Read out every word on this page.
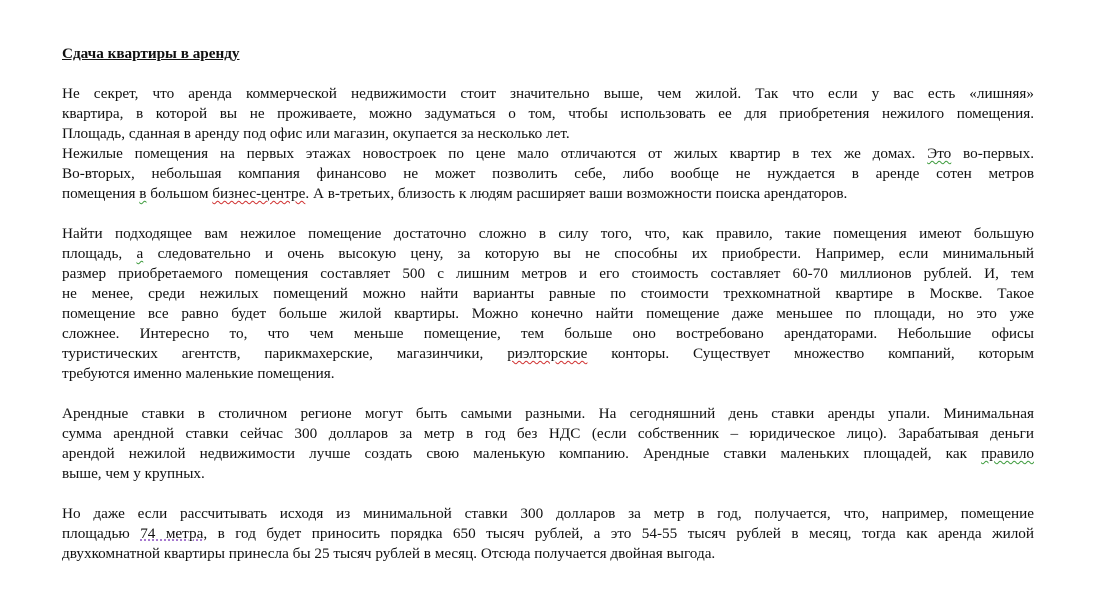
Сдача квартиры в аренду

Не секрет, что аренда коммерческой недвижимости стоит значительно выше, чем жилой. Так что если у вас есть «лишняя»
квартира, в которой вы не проживаете, можно задуматься о том, чтобы использовать ее для приобретения нежилого помещения.
Площадь, сданная в аренду под офис или магазин, окупается за несколько лет.

Нежилые помещения на первых этажах новостроек по цене мало отличаются от жилых квартир в тех же домах. Это во-первых.
Во-вторых, небольшая компания финансово не может позволить себе, либо вообще не нуждается в аренде сотен метров
помещения в большом бизнес-центре. А в-третьих, близость к людям расширяет ваши возможности поиска арендаторов.

Найти подходящее вам нежилое помещение достаточно сложно в силу того, что, как правило, такие помещения имеют большую
площадь, а следовательно и очень высокую цену, за которую вы не способны их приобрести. Например, если минимальный
размер приобретаемого помещения составляет 500 с лишним метров и его стоимость составляет 60-70 миллионов рублей. И, тем
не менее, среди нежилых помещений можно найти варианты равные по стоимости трехкомнатной квартире в Москве. Такое
помещение все равно будет больше жилой квартиры. Можно конечно найти помещение даже меньшее по площади, но это уже
сложнее. Интересно то, что чем меньше помещение, тем больше оно востребовано арендаторами. Небольшие офисы
туристических агентств, парикмахерские, магазинчики, риэлторские конторы. Существует множество компаний, которым
требуются именно маленькие помещения.

Арендные ставки в столичном регионе могут быть самыми разными. На сегодняшний день ставки аренды упали. Минимальная
сумма арендной ставки сейчас 300 долларов за метр в год без НДС (если собственник – юридическое лицо). Зарабатывая деньги
арендой нежилой недвижимости лучше создать свою маленькую компанию. Арендные ставки маленьких площадей, как правило
выше, чем у крупных.

Но даже если рассчитывать исходя из минимальной ставки 300 долларов за метр в год, получается, что, например, помещение
площадью 74 метра, в год будет приносить порядка 650 тысяч рублей, а это 54-55 тысяч рублей в месяц, тогда как аренда жилой
двухкомнатной квартиры принесла бы 25 тысяч рублей в месяц. Отсюда получается двойная выгода.
